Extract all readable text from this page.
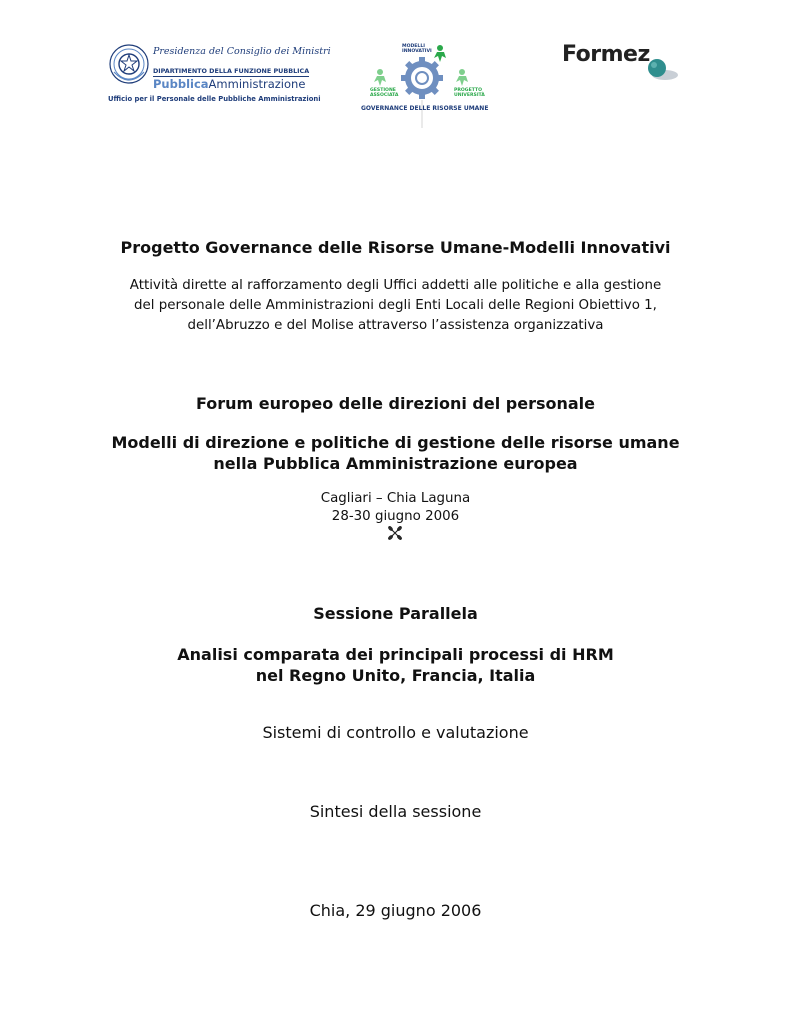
Presidenza del Consiglio dei Ministri
DIPARTIMENTO DELLA FUNZIONE PUBBLICA
PubblicaAmministrazione
Ufficio per il Personale delle Pubbliche Amministrazioni
MODELLI
INNOVATIVI
GESTIONE
ASSOCIATA
PROGETTO
UNIVERSITÀ
GOVERNANCE DELLE RISORSE UMANE
Formez
Progetto Governance delle Risorse Umane-Modelli Innovativi
Attività dirette al rafforzamento degli Uffici addetti alle politiche e alla gestione
del personale delle Amministrazioni degli Enti Locali delle Regioni Obiettivo 1,
dell’Abruzzo e del Molise attraverso l’assistenza organizzativa
Forum europeo delle direzioni del personale
Modelli di direzione e politiche di gestione delle risorse umane
nella Pubblica Amministrazione europea
Cagliari – Chia Laguna
28-30 giugno 2006
Sessione Parallela
Analisi comparata dei principali processi di HRM
nel Regno Unito, Francia, Italia
Sistemi di controllo e valutazione
Sintesi della sessione
Chia, 29 giugno 2006
